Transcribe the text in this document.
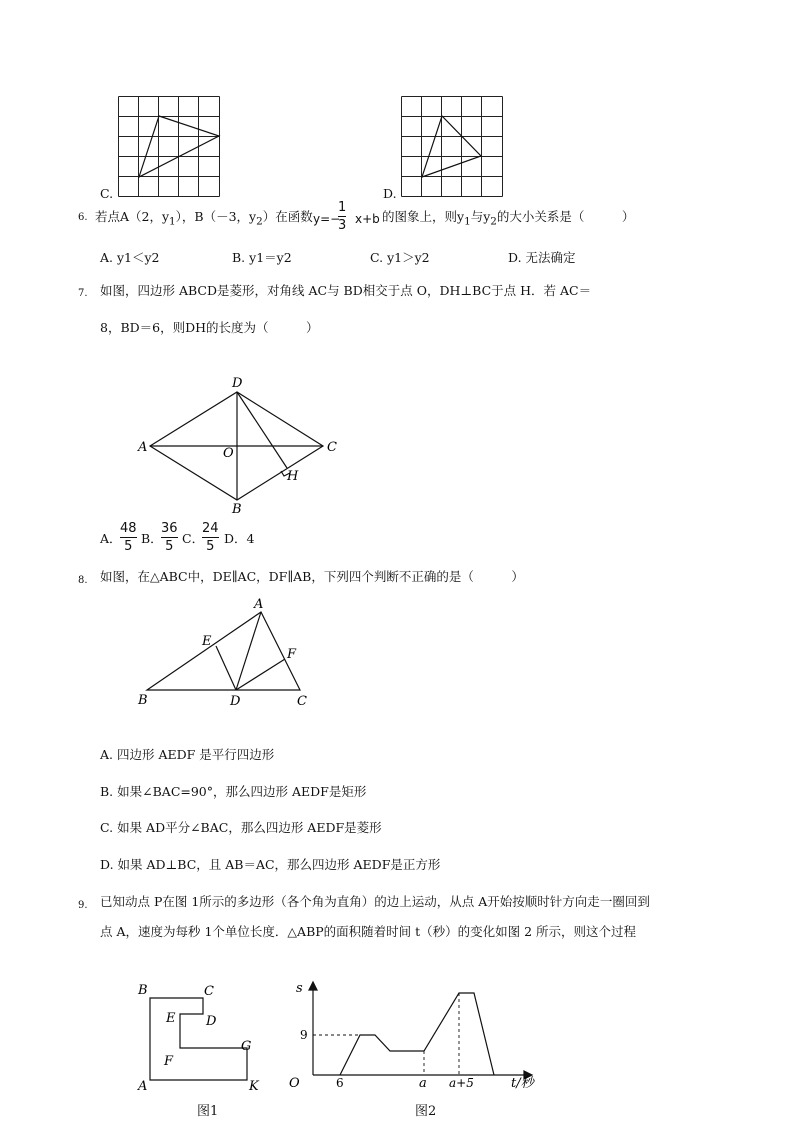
C.	D.
6. 若点A（2，$y_1$），B（－3，$y_2$）在函数 y=−
1
3 x+b 的图象上，则$y_1$与$y_2$的大小关系是（　　　）
A. y1＜y2	B. y1＝y2	C. y1＞y2	D. 无法确定
7. 如图，四边形 ABCD是菱形，对角线 AC与 BD相交于点 O，DH⊥BC于点 H．若 AC＝
8，BD＝6，则DH的长度为（　　　）
A
D
C
B
O
H
A．
48
5
B．
36
5
C．
24
5
D．4
8. 如图，在△ABC中，DE∥AC，DF∥AB，下列四个判断不正确的是（　　　）
A
B	D	C
E
F
A. 四边形 AEDF 是平行四边形
B. 如果∠BAC=90°，那么四边形 AEDF是矩形
C. 如果 AD平分∠BAC，那么四边形 AEDF是菱形
D. 如果 AD⊥BC，且 AB＝AC，那么四边形 AEDF是正方形
9. 已知动点 P在图 1所示的多边形（各个角为直角）的边上运动，从点 A开始按顺时针方向走一圈回到
点 A，速度为每秒 1个单位长度．△ABP的面积随着时间 t（秒）的变化如图 2 所示，则这个过程
B	C
E D
F
G
A	K
图1
s
9
O	6	a a+5	t/秒
图2
